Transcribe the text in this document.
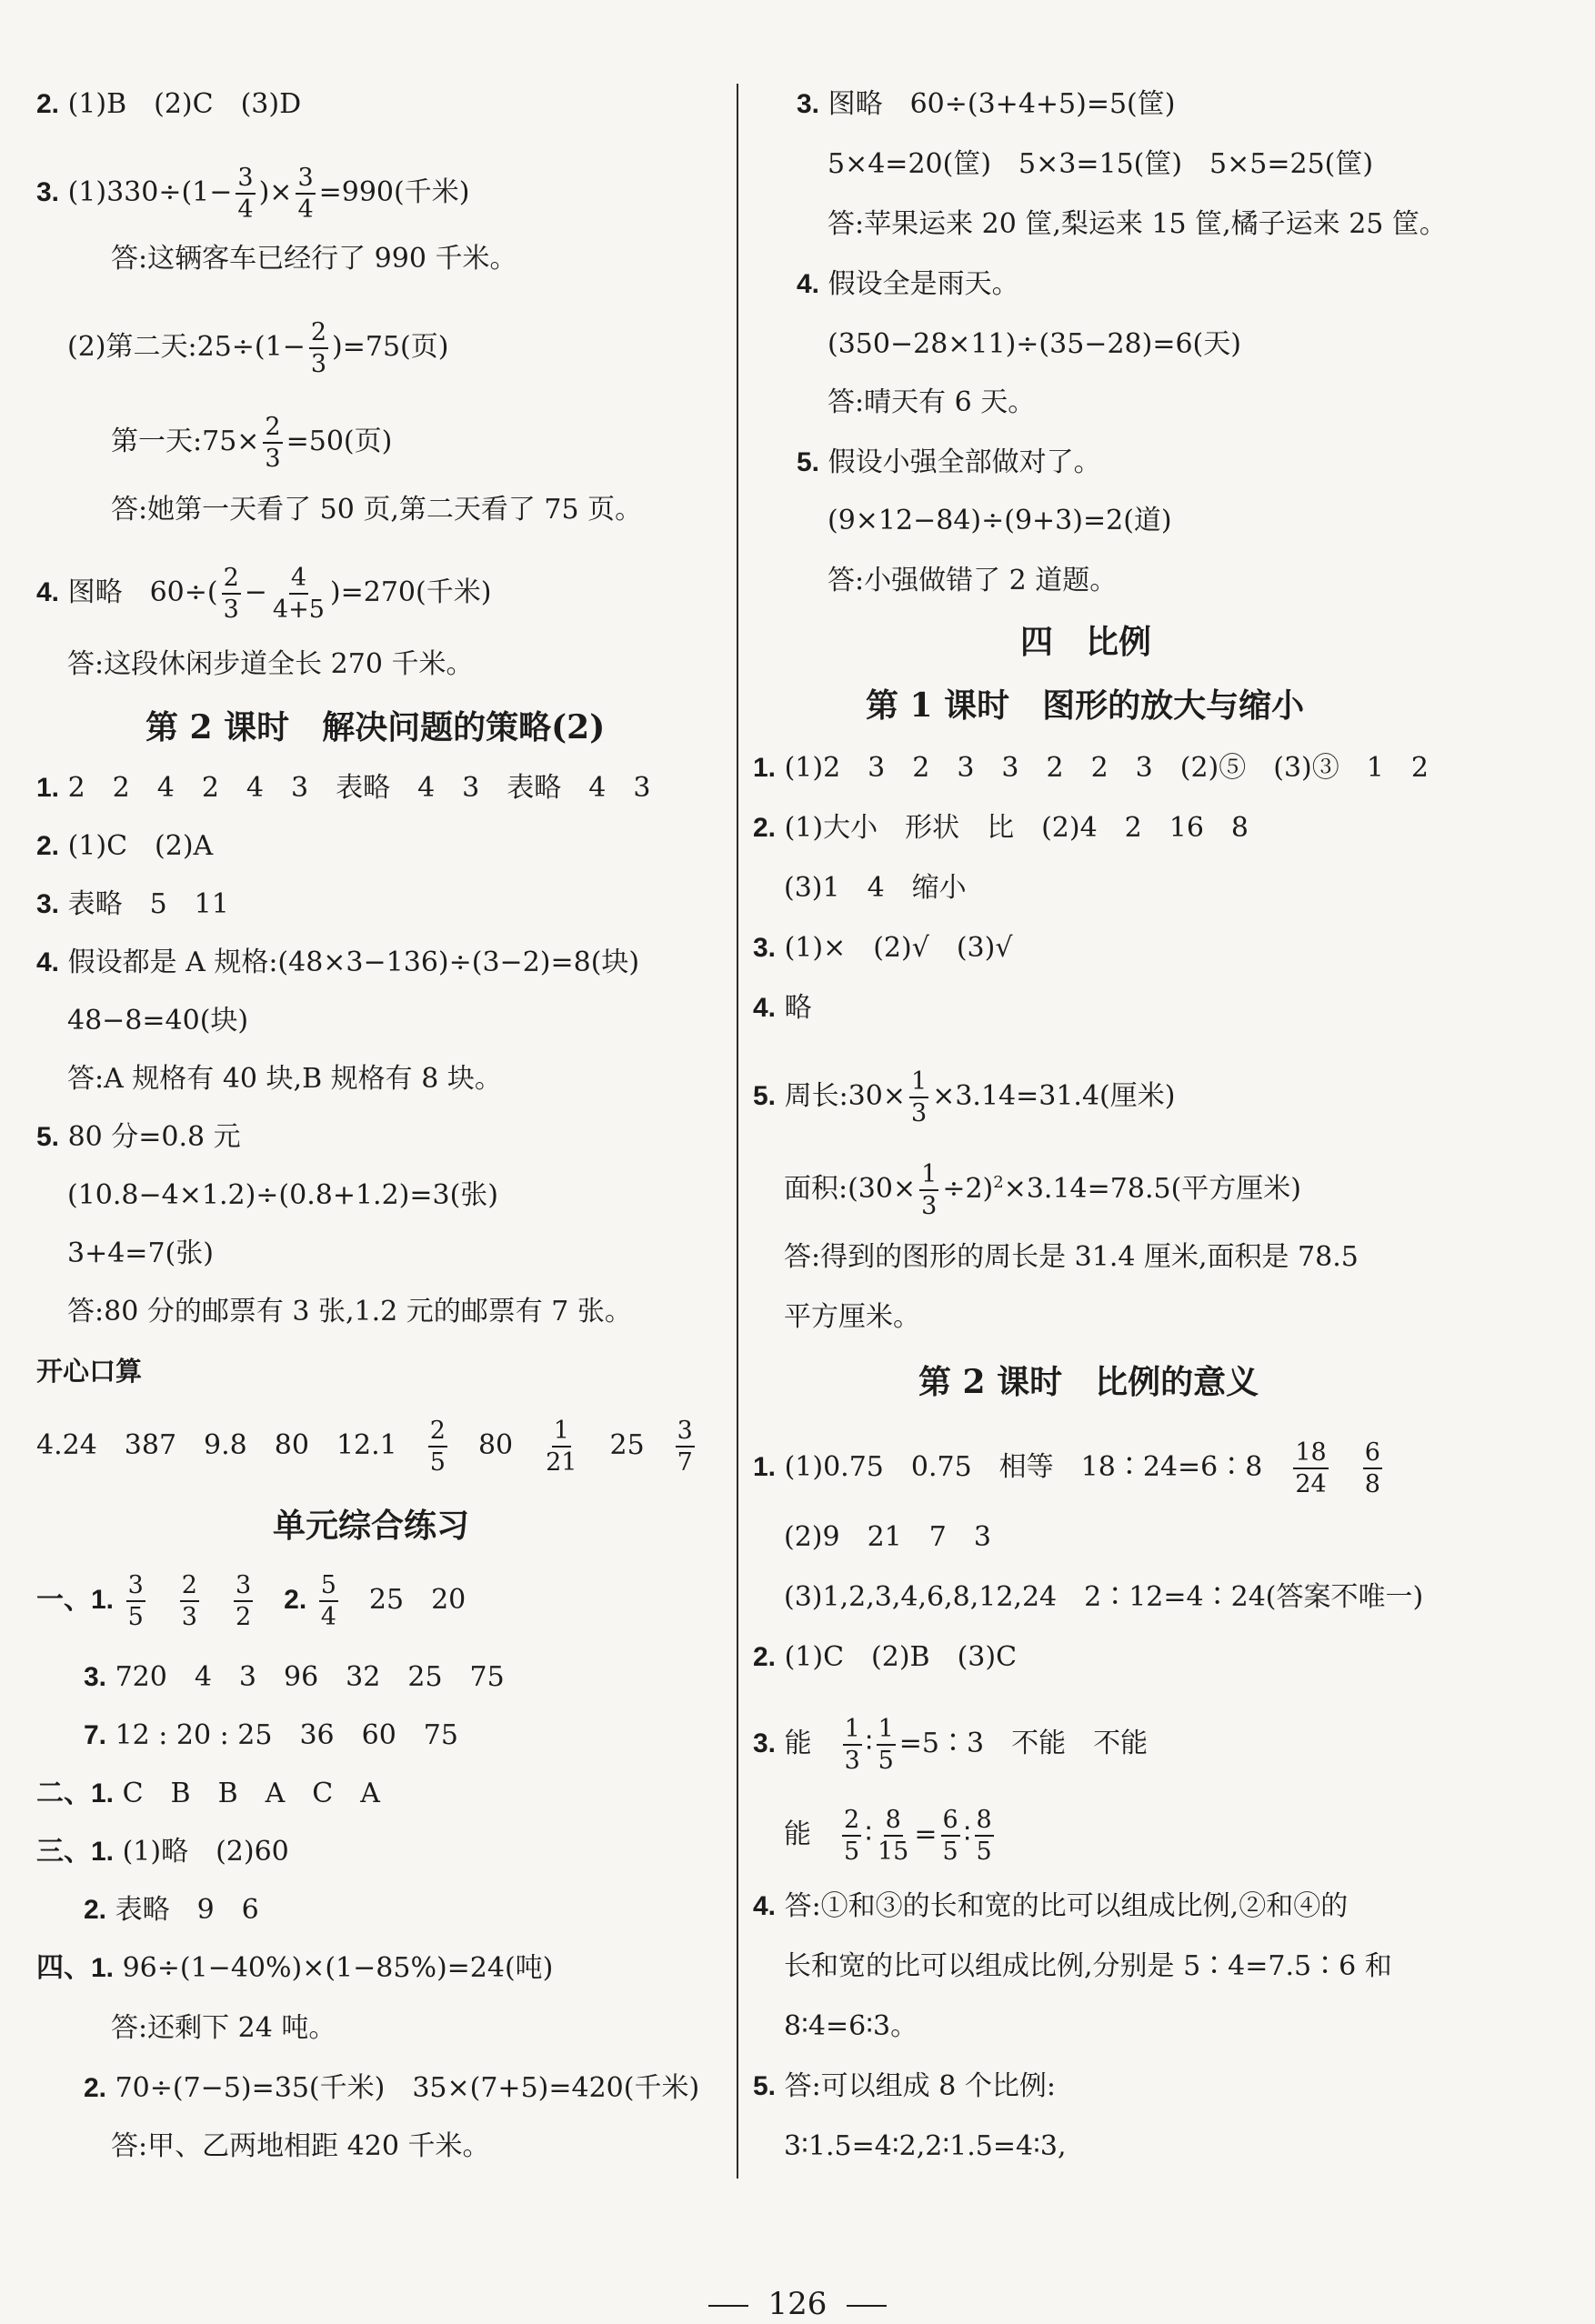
2. (1)B　(2)C　(3)D
3. $(1)330\div(1- \frac{3}{4}$ )× $\frac{3}{4} =990$(千米)
答:这辆客车已经行了 990 千米。
(2)第二天:25÷(1− $\frac{2}{3} )=75$(页)
第一天:75× $\frac{2}{3} =50$(页)
答:她第一天看了 50 页,第二天看了 75 页。
4. 图略　$60\div( \frac{2}{3} - \frac{4}{4+5} )=270$(千米)
答:这段休闲步道全长 270 千米。
第 2 课时　解决问题的策略(2)
1. 2　2　4　2　4　3　表略　4　3　表略　4　3
2. (1)C　(2)A
3. 表略　5　11
4. 假设都是 A 规格:(48×3−136)÷(3−2)=8(块)
48−8=40(块)
答:A 规格有 40 块,B 规格有 8 块。
5. 80 分=0.8 元
(10.8−4×1.2)÷(0.8+1.2)=3(张)
3+4=7(张)
答:80 分的邮票有 3 张,1.2 元的邮票有 7 张。
开心口算
4.24　387　9.8　80　12.1　 $\frac{2}{5}$
　 80　 $\frac{1}{21}$
　 25　 $\frac{3}{7}$
单元综合练习
一、1. $\frac{3}{5}$
　 $\frac{2}{3}$
　 $\frac{3}{2}$
　 2. $\frac{5}{4}$
　 25　20
3. 720　4　3　96　32　25　75
7. 12 : 20 : 25　36　60　75
二、1. C　B　B　A　C　A
三、1. (1)略　(2)60
2. 表略　9　6
四、1. 96÷(1−40%)×(1−85%)=24(吨)
答:还剩下 24 吨。
2. 70÷(7−5)=35(千米)　35×(7+5)=420(千米)
答:甲、乙两地相距 420 千米。
3. 图略　60÷(3+4+5)=5(筐)
5×4=20(筐)　5×3=15(筐)　5×5=25(筐)
答:苹果运来 20 筐,梨运来 15 筐,橘子运来 25 筐。
4. 假设全是雨天。
(350−28×11)÷(35−28)=6(天)
答:晴天有 6 天。
5. 假设小强全部做对了。
(9×12−84)÷(9+3)=2(道)
答:小强做错了 2 道题。
四　比例
第 1 课时　图形的放大与缩小
1. (1)2　3　2　3　3　2　2　3　(2)⑤　(3)③　1　2
2. (1)大小　形状　比　(2)4　2　16　8
(3)1　4　缩小
3. (1)×　(2)√　(3)√
4. 略
5. 周长:30× $\frac{1}{3} \times 3.14=31.4$(厘米)
面积:(30× $\frac{1}{3} \div 2)^2\times 3.14=78.5$(平方厘米)
答:得到的图形的周长是 31.4 厘米,面积是 78.5
平方厘米。
第 2 课时　比例的意义
1. (1)0.75　0.75　相等　18∶24=6∶8　 $\frac{18}{24}$
　 $\frac{6}{8}$
(2)9　21　7　3
(3)1,2,3,4,6,8,12,24　2∶12=4∶24(答案不唯一)
2. (1)C　(2)B　(3)C
3. 能　 $\frac{1}{3}$ ∶ $\frac{1}{5}$ =5∶3　不能　不能
能　 $\frac{2}{5}$ ∶ $\frac{8}{15} = \frac{6}{5}$ ∶ $\frac{8}{5}$
4. 答:①和③的长和宽的比可以组成比例,②和④的
长和宽的比可以组成比例,分别是 5∶4=7.5∶6 和
8∶4=6∶3。
5. 答:可以组成 8 个比例:
3∶1.5=4∶2,2∶1.5=4∶3,
126
